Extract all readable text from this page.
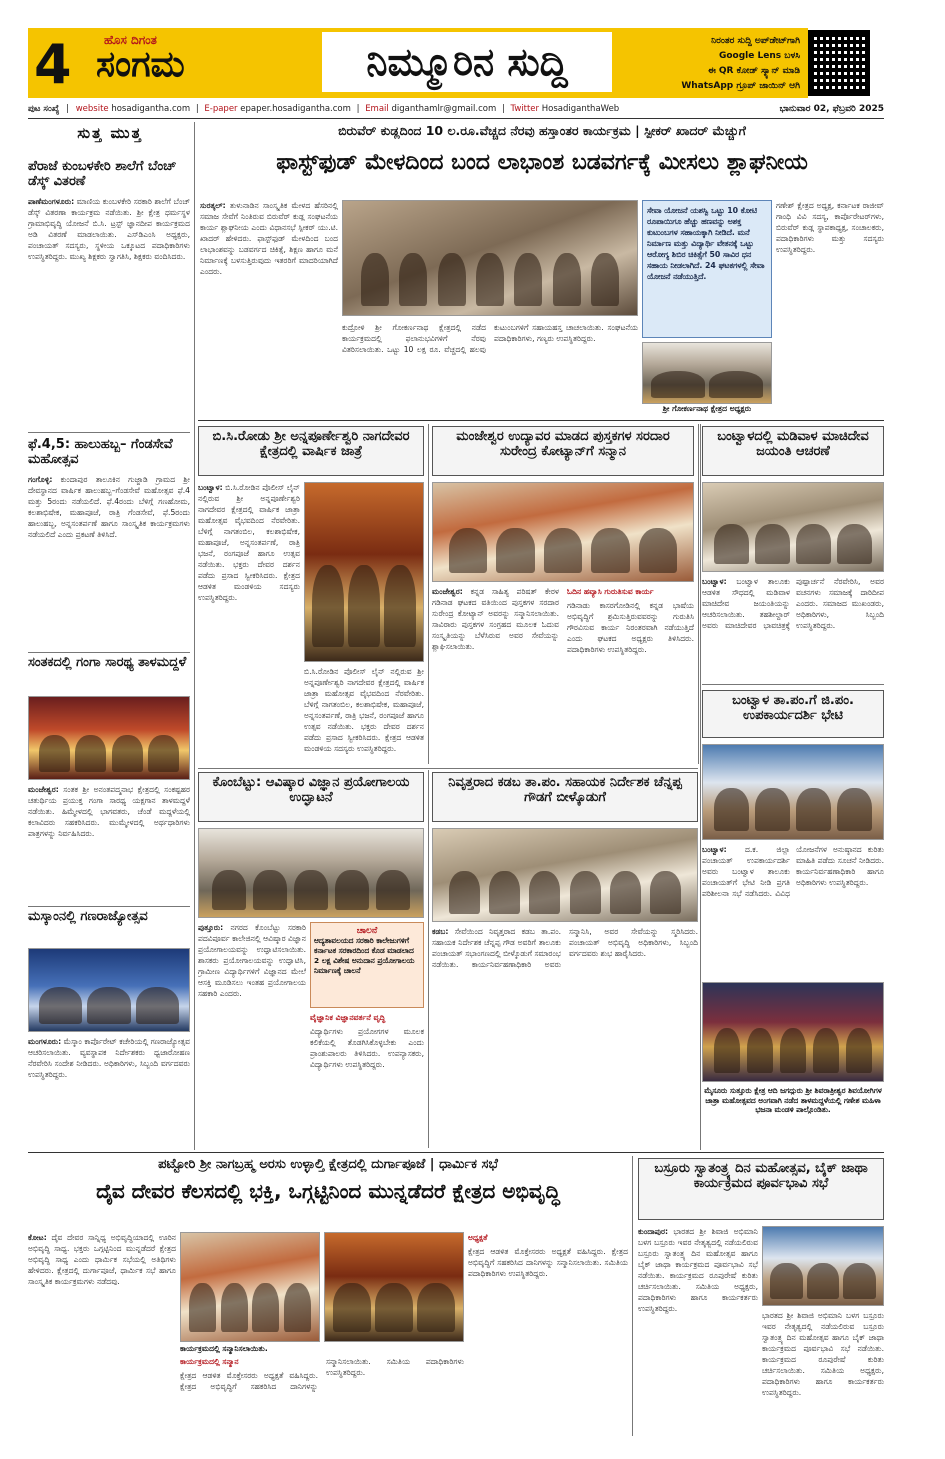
4	ಹೊಸ ದಿಗಂತ
ಸಂಗಮ	ನಿಮ್ಮೂರಿನ ಸುದ್ದಿ	ನಿರಂತರ ಸುದ್ದಿ ಅಪ್‌ಡೇಟ್‌ಗಾಗಿ
Google Lens ಬಳಸಿ
ಈ QR ಕೋಡ್ ಸ್ಕ್ಯಾನ್ ಮಾಡಿ
WhatsApp ಗ್ರೂಪ್ ಜಾಯಿನ್ ಆಗಿ
ಪುಟ ಸಂಖ್ಯೆ | website hosadigantha.com | E-paper epaper.hosadigantha.com | Email diganthamlr@gmail.com | Twitter HosadiganthaWeb	ಭಾನುವಾರ 02, ಫೆಬ್ರವರಿ 2025
ಸುತ್ತ ಮುತ್ತ
ಪೆರಾಜೆ ಕುಂಬಳಕೇರಿ ಶಾಲೆಗೆ ಬೆಂಚ್ ಡೆಸ್ಕ್ ವಿತರಣೆ

ಪಾಣೆಮಂಗಳೂರು: ಮಾಣಿಯ ಕುಂಬಳಕೇರಿ ಸರಕಾರಿ ಶಾಲೆಗೆ ಬೆಂಚ್ ಡೆಸ್ಕ್ ವಿತರಣಾ ಕಾರ್ಯಕ್ರಮ ನಡೆಯಿತು. ಶ್ರೀ ಕ್ಷೇತ್ರ ಧರ್ಮಸ್ಥಳ ಗ್ರಾಮಾಭಿವೃದ್ಧಿ ಯೋಜನೆ ಬಿ.ಸಿ. ಟ್ರಸ್ಟ್ ಜ್ಞಾನದೀಪ ಕಾರ್ಯಕ್ರಮದ ಅಡಿ ವಿತರಣೆ ಮಾಡಲಾಯಿತು. ಎಸ್‌ಡಿಎಂಸಿ ಅಧ್ಯಕ್ಷರು, ಪಂಚಾಯತ್ ಸದಸ್ಯರು, ಸ್ಥಳೀಯ ಒಕ್ಕೂಟದ ಪದಾಧಿಕಾರಿಗಳು ಉಪಸ್ಥಿತರಿದ್ದರು. ಮುಖ್ಯ ಶಿಕ್ಷಕರು ಸ್ವಾಗತಿಸಿ, ಶಿಕ್ಷಕರು ವಂದಿಸಿದರು.

ಫೆ.4,5: ಹಾಲುಹಬ್ಬ– ಗೆಂಡಸೇವೆ ಮಹೋತ್ಸವ

ಗಂಗೊಳ್ಳಿ: ಕುಂದಾಪುರ ತಾಲೂಕಿನ ಗುಜ್ಜಾಡಿ ಗ್ರಾಮದ ಶ್ರೀ ದೇವಸ್ಥಾನದ ವಾರ್ಷಿಕ ಹಾಲುಹಬ್ಬ–ಗೆಂಡಸೇವೆ ಮಹೋತ್ಸವ ಫೆ.4 ಮತ್ತು 5ರಂದು ನಡೆಯಲಿದೆ. ಫೆ.4ರಂದು ಬೆಳಿಗ್ಗೆ ಗಣಹೋಮ, ಕಲಶಾಭಿಷೇಕ, ಮಹಾಪೂಜೆ, ರಾತ್ರಿ ಗೆಂಡಸೇವೆ, ಫೆ.5ರಂದು ಹಾಲುಹಬ್ಬ, ಅನ್ನಸಂತರ್ಪಣೆ ಹಾಗೂ ಸಾಂಸ್ಕೃತಿಕ ಕಾರ್ಯಕ್ರಮಗಳು ನಡೆಯಲಿದೆ ಎಂದು ಪ್ರಕಟಣೆ ತಿಳಿಸಿದೆ.

ಸಂತಕದಲ್ಲಿ ಗಂಗಾ ಸಾರಥ್ಯ ತಾಳಮದ್ದಳೆ

ಮಂಜೇಶ್ವರ: ಸಂತಕ ಶ್ರೀ ಅನಂತಪದ್ಮನಾಭ ಕ್ಷೇತ್ರದಲ್ಲಿ ಸಂಕಷ್ಟಹರ ಚತುರ್ಥಿಯ ಪ್ರಯುಕ್ತ ಗಂಗಾ ಸಾರಥ್ಯ ಯಕ್ಷಗಾನ ತಾಳಮದ್ದಳೆ ನಡೆಯಿತು. ಹಿಮ್ಮೇಳದಲ್ಲಿ ಭಾಗವತರು, ಚೆಂಡೆ ಮದ್ದಳೆಯಲ್ಲಿ ಕಲಾವಿದರು ಸಹಕರಿಸಿದರು. ಮುಮ್ಮೇಳದಲ್ಲಿ ಅರ್ಥಧಾರಿಗಳು ಪಾತ್ರಗಳನ್ನು ನಿರ್ವಹಿಸಿದರು.

ಮಸ್ಕಾಂನಲ್ಲಿ ಗಣರಾಜ್ಯೋತ್ಸವ

ಮಂಗಳೂರು: ಮೆಸ್ಕಾಂ ಕಾರ್ಪೊರೇಟ್ ಕಚೇರಿಯಲ್ಲಿ ಗಣರಾಜ್ಯೋತ್ಸವ ಆಚರಿಸಲಾಯಿತು. ವ್ಯವಸ್ಥಾಪಕ ನಿರ್ದೇಶಕರು ಧ್ವಜಾರೋಹಣ ನೆರವೇರಿಸಿ ಸಂದೇಶ ನೀಡಿದರು. ಅಧಿಕಾರಿಗಳು, ಸಿಬ್ಬಂದಿ ವರ್ಗದವರು ಉಪಸ್ಥಿತರಿದ್ದರು.

ಬಿರುವೆರ್ ಕುಡ್ಲದಿಂದ 10 ಲ.ರೂ.ವೆಚ್ಚದ ನೆರವು ಹಸ್ತಾಂತರ ಕಾರ್ಯಕ್ರಮ | ಸ್ಪೀಕರ್ ಖಾದರ್ ಮೆಚ್ಚುಗೆ
ಫಾಸ್ಟ್‌ಫುಡ್ ಮೇಳದಿಂದ ಬಂದ ಲಾಭಾಂಶ ಬಡವರ್ಗಕ್ಕೆ ಮೀಸಲು ಶ್ಲಾಘನೀಯ

ಸುರತ್ಕಲ್: ತುಳುನಾಡಿನ ಸಾಂಸ್ಕೃತಿಕ ಮೇಳದ ಹೆಸರಿನಲ್ಲಿ ಸಮಾಜ ಸೇವೆಗೆ ನಿಂತಿರುವ ಬಿರುವೆರ್ ಕುಡ್ಲ ಸಂಘಟನೆಯ ಕಾರ್ಯ ಶ್ಲಾಘನೀಯ ಎಂದು ವಿಧಾನಸಭೆ ಸ್ಪೀಕರ್ ಯು.ಟಿ. ಖಾದರ್ ಹೇಳಿದರು. ಫಾಸ್ಟ್‌ಫುಡ್ ಮೇಳದಿಂದ ಬಂದ ಲಾಭಾಂಶವನ್ನು ಬಡವರ್ಗದ ಚಿಕಿತ್ಸೆ, ಶಿಕ್ಷಣ ಹಾಗೂ ಮನೆ ನಿರ್ಮಾಣಕ್ಕೆ ಬಳಸುತ್ತಿರುವುದು ಇತರರಿಗೆ ಮಾದರಿಯಾಗಿದೆ ಎಂದರು.

ಕುದ್ರೋಳಿ ಶ್ರೀ ಗೋಕರ್ಣನಾಥ ಕ್ಷೇತ್ರದಲ್ಲಿ ನಡೆದ ಕಾರ್ಯಕ್ರಮದಲ್ಲಿ ಫಲಾನುಭವಿಗಳಿಗೆ ನೆರವು ವಿತರಿಸಲಾಯಿತು. ಒಟ್ಟು 10 ಲಕ್ಷ ರೂ. ವೆಚ್ಚದಲ್ಲಿ ಹಲವು ಕುಟುಂಬಗಳಿಗೆ ಸಹಾಯಹಸ್ತ ಚಾಚಲಾಯಿತು. ಸಂಘಟನೆಯ ಪದಾಧಿಕಾರಿಗಳು, ಗಣ್ಯರು ಉಪಸ್ಥಿತರಿದ್ದರು.

ಸೇವಾ ಯೋಜನೆ ಯಶಸ್ವಿ ಒಟ್ಟು 10 ಕೋಟಿ ರೂಪಾಯಿಗೂ ಹೆಚ್ಚು ಹಣವನ್ನು ಅಶಕ್ತ ಕುಟುಂಬಗಳ ಸಹಾಯಕ್ಕಾಗಿ ನೀಡಿದೆ. ಮನೆ ನಿರ್ಮಾಣ ಮತ್ತು ವಿದ್ಯಾರ್ಥಿ ವೇತನಕ್ಕೆ ಒಟ್ಟು ಆರೋಗ್ಯ ಶಿಬಿರ ಚಿಕಿತ್ಸೆಗೆ 50 ಸಾವಿರ ಧನ ಸಹಾಯ ನೀಡಲಾಗಿದೆ. 24 ಘಟಕಗಳಲ್ಲಿ ಸೇವಾ ಯೋಜನೆ ನಡೆಯುತ್ತಿದೆ.
ಶ್ರೀ ಗೋಕರ್ಣನಾಥ ಕ್ಷೇತ್ರದ ಅಧ್ಯಕ್ಷರು

ಗಣೇಶ್ ಕ್ಷೇತ್ರದ ಅಧ್ಯಕ್ಷ, ಕರ್ನಾಟಕ ರಾಜೀವ್ ಗಾಂಧಿ ವಿವಿ ಸದಸ್ಯ, ಕಾರ್ಪೊರೇಟರ್‌ಗಳು, ಬಿರುವೆರ್ ಕುಡ್ಲ ಸ್ಥಾಪಕಾಧ್ಯಕ್ಷ, ಸಂಚಾಲಕರು, ಪದಾಧಿಕಾರಿಗಳು ಮತ್ತು ಸದಸ್ಯರು ಉಪಸ್ಥಿತರಿದ್ದರು.

ಬಿ.ಸಿ.ರೋಡು ಶ್ರೀ ಅನ್ನಪೂರ್ಣೇಶ್ವರಿ ನಾಗದೇವರ ಕ್ಷೇತ್ರದಲ್ಲಿ ವಾರ್ಷಿಕ ಜಾತ್ರೆ

ಬಂಟ್ವಾಳ: ಬಿ.ಸಿ.ರೋಡಿನ ಪೊಲೀಸ್ ಲೈನ್ ನಲ್ಲಿರುವ ಶ್ರೀ ಅನ್ನಪೂರ್ಣೇಶ್ವರಿ ನಾಗದೇವರ ಕ್ಷೇತ್ರದಲ್ಲಿ ವಾರ್ಷಿಕ ಜಾತ್ರಾ ಮಹೋತ್ಸವ ವೈಭವದಿಂದ ನೆರವೇರಿತು. ಬೆಳಿಗ್ಗೆ ನಾಗತಂಬಿಲ, ಕಲಶಾಭಿಷೇಕ, ಮಹಾಪೂಜೆ, ಅನ್ನಸಂತರ್ಪಣೆ, ರಾತ್ರಿ ಭಜನೆ, ರಂಗಪೂಜೆ ಹಾಗೂ ಉತ್ಸವ ನಡೆಯಿತು. ಭಕ್ತರು ದೇವರ ದರ್ಶನ ಪಡೆದು ಪ್ರಸಾದ ಸ್ವೀಕರಿಸಿದರು. ಕ್ಷೇತ್ರದ ಆಡಳಿತ ಮಂಡಳಿಯ ಸದಸ್ಯರು ಉಪಸ್ಥಿತರಿದ್ದರು.

ಬಿ.ಸಿ.ರೋಡಿನ ಪೊಲೀಸ್ ಲೈನ್ ನಲ್ಲಿರುವ ಶ್ರೀ ಅನ್ನಪೂರ್ಣೇಶ್ವರಿ ನಾಗದೇವರ ಕ್ಷೇತ್ರದಲ್ಲಿ ವಾರ್ಷಿಕ ಜಾತ್ರಾ ಮಹೋತ್ಸವ ವೈಭವದಿಂದ ನೆರವೇರಿತು. ಬೆಳಿಗ್ಗೆ ನಾಗತಂಬಿಲ, ಕಲಶಾಭಿಷೇಕ, ಮಹಾಪೂಜೆ, ಅನ್ನಸಂತರ್ಪಣೆ, ರಾತ್ರಿ ಭಜನೆ, ರಂಗಪೂಜೆ ಹಾಗೂ ಉತ್ಸವ ನಡೆಯಿತು. ಭಕ್ತರು ದೇವರ ದರ್ಶನ ಪಡೆದು ಪ್ರಸಾದ ಸ್ವೀಕರಿಸಿದರು. ಕ್ಷೇತ್ರದ ಆಡಳಿತ ಮಂಡಳಿಯ ಸದಸ್ಯರು ಉಪಸ್ಥಿತರಿದ್ದರು.

ಮಂಜೇಶ್ವರ ಉದ್ಯಾವರ ಮಾಡದ ಪುಸ್ತಕಗಳ ಸರದಾರ ಸುರೇಂದ್ರ ಕೋಟ್ಯಾನ್‌ಗೆ ಸನ್ಮಾನ

ಮಂಜೇಶ್ವರ: ಕನ್ನಡ ಸಾಹಿತ್ಯ ಪರಿಷತ್ ಕೇರಳ ಗಡಿನಾಡ ಘಟಕದ ವತಿಯಿಂದ ಪುಸ್ತಕಗಳ ಸರದಾರ ಸುರೇಂದ್ರ ಕೋಟ್ಯಾನ್ ಅವರನ್ನು ಸನ್ಮಾನಿಸಲಾಯಿತು. ಸಾವಿರಾರು ಪುಸ್ತಕಗಳ ಸಂಗ್ರಹದ ಮೂಲಕ ಓದುವ ಸಂಸ್ಕೃತಿಯನ್ನು ಬೆಳೆಸಿರುವ ಅವರ ಸೇವೆಯನ್ನು ಶ್ಲಾಘಿಸಲಾಯಿತು.

ಓದಿನ ಹವ್ಯಾಸಿ ಗುರುತಿಸುವ ಕಾರ್ಯ

ಗಡಿನಾಡು ಕಾಸರಗೋಡಿನಲ್ಲಿ ಕನ್ನಡ ಭಾಷೆಯ ಅಭಿವೃದ್ಧಿಗೆ ಶ್ರಮಿಸುತ್ತಿರುವವರನ್ನು ಗುರುತಿಸಿ ಗೌರವಿಸುವ ಕಾರ್ಯ ನಿರಂತರವಾಗಿ ನಡೆಯುತ್ತಿದೆ ಎಂದು ಘಟಕದ ಅಧ್ಯಕ್ಷರು ತಿಳಿಸಿದರು. ಪದಾಧಿಕಾರಿಗಳು ಉಪಸ್ಥಿತರಿದ್ದರು.

ಬಂಟ್ವಾಳದಲ್ಲಿ ಮಡಿವಾಳ ಮಾಚಿದೇವ ಜಯಂತಿ ಆಚರಣೆ

ಬಂಟ್ವಾಳ: ಬಂಟ್ವಾಳ ತಾಲೂಕು ಆಡಳಿತ ಸೌಧದಲ್ಲಿ ಮಡಿವಾಳ ಮಾಚಿದೇವ ಜಯಂತಿಯನ್ನು ಆಚರಿಸಲಾಯಿತು. ತಹಶೀಲ್ದಾರ್ ಅವರು ಮಾಚಿದೇವರ ಭಾವಚಿತ್ರಕ್ಕೆ ಪುಷ್ಪಾರ್ಚನೆ ನೆರವೇರಿಸಿ, ಅವರ ವಚನಗಳು ಸಮಾಜಕ್ಕೆ ದಾರಿದೀಪ ಎಂದರು. ಸಮಾಜದ ಮುಖಂಡರು, ಅಧಿಕಾರಿಗಳು, ಸಿಬ್ಬಂದಿ ಉಪಸ್ಥಿತರಿದ್ದರು.

ಬಂಟ್ವಾಳ ತಾ.ಪಂ.ಗೆ ಜಿ.ಪಂ. ಉಪಕಾರ್ಯದರ್ಶಿ ಭೇಟಿ

ಬಂಟ್ವಾಳ: ದ.ಕ. ಜಿಲ್ಲಾ ಪಂಚಾಯತ್ ಉಪಕಾರ್ಯದರ್ಶಿ ಅವರು ಬಂಟ್ವಾಳ ತಾಲೂಕು ಪಂಚಾಯತ್‌ಗೆ ಭೇಟಿ ನೀಡಿ ಪ್ರಗತಿ ಪರಿಶೀಲನಾ ಸಭೆ ನಡೆಸಿದರು. ವಿವಿಧ ಯೋಜನೆಗಳ ಅನುಷ್ಠಾನದ ಕುರಿತು ಮಾಹಿತಿ ಪಡೆದು ಸೂಚನೆ ನೀಡಿದರು. ಕಾರ್ಯನಿರ್ವಹಣಾಧಿಕಾರಿ ಹಾಗೂ ಅಧಿಕಾರಿಗಳು ಉಪಸ್ಥಿತರಿದ್ದರು.

ಮೈಸೂರು ಸುತ್ತೂರು ಕ್ಷೇತ್ರ ಆದಿ ಜಗದ್ಗುರು ಶ್ರೀ ಶಿವರಾತ್ರೀಶ್ವರ ಶಿವಯೋಗಿಗಳ ಜಾತ್ರಾ ಮಹೋತ್ಸವದ ಅಂಗವಾಗಿ ನಡೆದ ತಾಳಮದ್ದಳೆಯಲ್ಲಿ ಗಣೇಶ ಮಹಿಳಾ ಭಜನಾ ಮಂಡಳಿ ಪಾಲ್ಗೊಂಡಿತು.
ಕೊಂಬೆಟ್ಟು: ಆವಿಷ್ಕಾರ ವಿಜ್ಞಾನ ಪ್ರಯೋಗಾಲಯ ಉದ್ಘಾಟನೆ

ಪುತ್ತೂರು: ನಗರದ ಕೊಂಬೆಟ್ಟು ಸರಕಾರಿ ಪದವಿಪೂರ್ವ ಕಾಲೇಜಿನಲ್ಲಿ ಆವಿಷ್ಕಾರ ವಿಜ್ಞಾನ ಪ್ರಯೋಗಾಲಯವನ್ನು ಉದ್ಘಾಟಿಸಲಾಯಿತು. ಶಾಸಕರು ಪ್ರಯೋಗಾಲಯವನ್ನು ಉದ್ಘಾಟಿಸಿ, ಗ್ರಾಮೀಣ ವಿದ್ಯಾರ್ಥಿಗಳಿಗೆ ವಿಜ್ಞಾನದ ಮೇಲೆ ಆಸಕ್ತಿ ಮೂಡಿಸಲು ಇಂತಹ ಪ್ರಯೋಗಾಲಯ ಸಹಕಾರಿ ಎಂದರು.

ಚಾಲನೆ
ಆದ್ಯತಾವಲಯದ ಸರಕಾರಿ ಕಾಲೇಜುಗಳಿಗೆ ಕರ್ನಾಟಕ ಸರಕಾರದಿಂದ ಕೊಡ ಮಾಡಲಾದ 2 ಲಕ್ಷ ವಿಶೇಷ ಅನುದಾನ ಪ್ರಯೋಗಾಲಯ ನಿರ್ಮಾಣಕ್ಕೆ ಚಾಲನೆ

ವೈಜ್ಞಾನಿಕ ವಿಜ್ಞಾನವರ್ತನೆ ವೃದ್ಧಿ

ವಿದ್ಯಾರ್ಥಿಗಳು ಪ್ರಯೋಗಗಳ ಮೂಲಕ ಕಲಿಕೆಯಲ್ಲಿ ತೊಡಗಿಸಿಕೊಳ್ಳಬೇಕು ಎಂದು ಪ್ರಾಂಶುಪಾಲರು ತಿಳಿಸಿದರು. ಉಪನ್ಯಾಸಕರು, ವಿದ್ಯಾರ್ಥಿಗಳು ಉಪಸ್ಥಿತರಿದ್ದರು.

ನಿವೃತ್ತರಾದ ಕಡಬ ತಾ.ಪಂ. ಸಹಾಯಕ ನಿರ್ದೇಶಕ ಚೆನ್ನಪ್ಪ ಗೌಡಗೆ ಬೀಳ್ಕೊಡುಗೆ

ಕಡಬ: ಸೇವೆಯಿಂದ ನಿವೃತ್ತರಾದ ಕಡಬ ತಾ.ಪಂ. ಸಹಾಯಕ ನಿರ್ದೇಶಕ ಚೆನ್ನಪ್ಪ ಗೌಡ ಅವರಿಗೆ ತಾಲೂಕು ಪಂಚಾಯತ್ ಸಭಾಂಗಣದಲ್ಲಿ ಬೀಳ್ಕೊಡುಗೆ ಸಮಾರಂಭ ನಡೆಯಿತು. ಕಾರ್ಯನಿರ್ವಹಣಾಧಿಕಾರಿ ಅವರು ಸನ್ಮಾನಿಸಿ, ಅವರ ಸೇವೆಯನ್ನು ಸ್ಮರಿಸಿದರು. ಪಂಚಾಯತ್ ಅಭಿವೃದ್ಧಿ ಅಧಿಕಾರಿಗಳು, ಸಿಬ್ಬಂದಿ ವರ್ಗದವರು ಶುಭ ಹಾರೈಸಿದರು.

ಪಟ್ಟೋರಿ ಶ್ರೀ ನಾಗಬ್ರಹ್ಮ ಅರಸು ಉಳ್ಳಾಲ್ತಿ ಕ್ಷೇತ್ರದಲ್ಲಿ ದುರ್ಗಾಪೂಜೆ | ಧಾರ್ಮಿಕ ಸಭೆ
ದೈವ ದೇವರ ಕೆಲಸದಲ್ಲಿ ಭಕ್ತಿ, ಒಗ್ಗಟ್ಟಿನಿಂದ ಮುನ್ನಡೆದರೆ ಕ್ಷೇತ್ರದ ಅಭಿವೃದ್ಧಿ

ಕೋಟ: ದೈವ ದೇವರ ಸಾನ್ನಿಧ್ಯ ಅಭಿವೃದ್ಧಿಯಾದಲ್ಲಿ ಊರಿನ ಅಭಿವೃದ್ಧಿ ಸಾಧ್ಯ. ಭಕ್ತರು ಒಗ್ಗಟ್ಟಿನಿಂದ ಮುನ್ನಡೆದರೆ ಕ್ಷೇತ್ರದ ಅಭಿವೃದ್ಧಿ ಸಾಧ್ಯ ಎಂದು ಧಾರ್ಮಿಕ ಸಭೆಯಲ್ಲಿ ಅತಿಥಿಗಳು ಹೇಳಿದರು. ಕ್ಷೇತ್ರದಲ್ಲಿ ದುರ್ಗಾಪೂಜೆ, ಧಾರ್ಮಿಕ ಸಭೆ ಹಾಗೂ ಸಾಂಸ್ಕೃತಿಕ ಕಾರ್ಯಕ್ರಮಗಳು ನಡೆದವು.

ಕಾರ್ಯಕ್ರಮದಲ್ಲಿ ಸನ್ಮಾನಿಸಲಾಯಿತು.

ಕಾರ್ಯಕ್ರಮದಲ್ಲಿ ಸನ್ಮಾನ

ಕ್ಷೇತ್ರದ ಆಡಳಿತ ಮೊಕ್ತೇಸರರು ಅಧ್ಯಕ್ಷತೆ ವಹಿಸಿದ್ದರು. ಕ್ಷೇತ್ರದ ಅಭಿವೃದ್ಧಿಗೆ ಸಹಕರಿಸಿದ ದಾನಿಗಳನ್ನು ಸನ್ಮಾನಿಸಲಾಯಿತು. ಸಮಿತಿಯ ಪದಾಧಿಕಾರಿಗಳು ಉಪಸ್ಥಿತರಿದ್ದರು.

ಅಧ್ಯಕ್ಷತೆ

ಕ್ಷೇತ್ರದ ಆಡಳಿತ ಮೊಕ್ತೇಸರರು ಅಧ್ಯಕ್ಷತೆ ವಹಿಸಿದ್ದರು. ಕ್ಷೇತ್ರದ ಅಭಿವೃದ್ಧಿಗೆ ಸಹಕರಿಸಿದ ದಾನಿಗಳನ್ನು ಸನ್ಮಾನಿಸಲಾಯಿತು. ಸಮಿತಿಯ ಪದಾಧಿಕಾರಿಗಳು ಉಪಸ್ಥಿತರಿದ್ದರು.

ಬಸ್ರೂರು ಸ್ವಾತಂತ್ರ್ಯ ದಿನ ಮಹೋತ್ಸವ, ಬೈಕ್ ಜಾಥಾ ಕಾರ್ಯಕ್ರಮದ ಪೂರ್ವಭಾವಿ ಸಭೆ

ಕುಂದಾಪುರ: ಭಾರತದ ಶ್ರೀ ಶಿವಾಜಿ ಅಭಿಮಾನಿ ಬಳಗ ಬಸ್ರೂರು ಇವರ ನೇತೃತ್ವದಲ್ಲಿ ನಡೆಯಲಿರುವ ಬಸ್ರೂರು ಸ್ವಾತಂತ್ರ್ಯ ದಿನ ಮಹೋತ್ಸವ ಹಾಗೂ ಬೈಕ್ ಜಾಥಾ ಕಾರ್ಯಕ್ರಮದ ಪೂರ್ವಭಾವಿ ಸಭೆ ನಡೆಯಿತು. ಕಾರ್ಯಕ್ರಮದ ರೂಪುರೇಷೆ ಕುರಿತು ಚರ್ಚಿಸಲಾಯಿತು. ಸಮಿತಿಯ ಅಧ್ಯಕ್ಷರು, ಪದಾಧಿಕಾರಿಗಳು ಹಾಗೂ ಕಾರ್ಯಕರ್ತರು ಉಪಸ್ಥಿತರಿದ್ದರು.

ಭಾರತದ ಶ್ರೀ ಶಿವಾಜಿ ಅಭಿಮಾನಿ ಬಳಗ ಬಸ್ರೂರು ಇವರ ನೇತೃತ್ವದಲ್ಲಿ ನಡೆಯಲಿರುವ ಬಸ್ರೂರು ಸ್ವಾತಂತ್ರ್ಯ ದಿನ ಮಹೋತ್ಸವ ಹಾಗೂ ಬೈಕ್ ಜಾಥಾ ಕಾರ್ಯಕ್ರಮದ ಪೂರ್ವಭಾವಿ ಸಭೆ ನಡೆಯಿತು. ಕಾರ್ಯಕ್ರಮದ ರೂಪುರೇಷೆ ಕುರಿತು ಚರ್ಚಿಸಲಾಯಿತು. ಸಮಿತಿಯ ಅಧ್ಯಕ್ಷರು, ಪದಾಧಿಕಾರಿಗಳು ಹಾಗೂ ಕಾರ್ಯಕರ್ತರು ಉಪಸ್ಥಿತರಿದ್ದರು.
